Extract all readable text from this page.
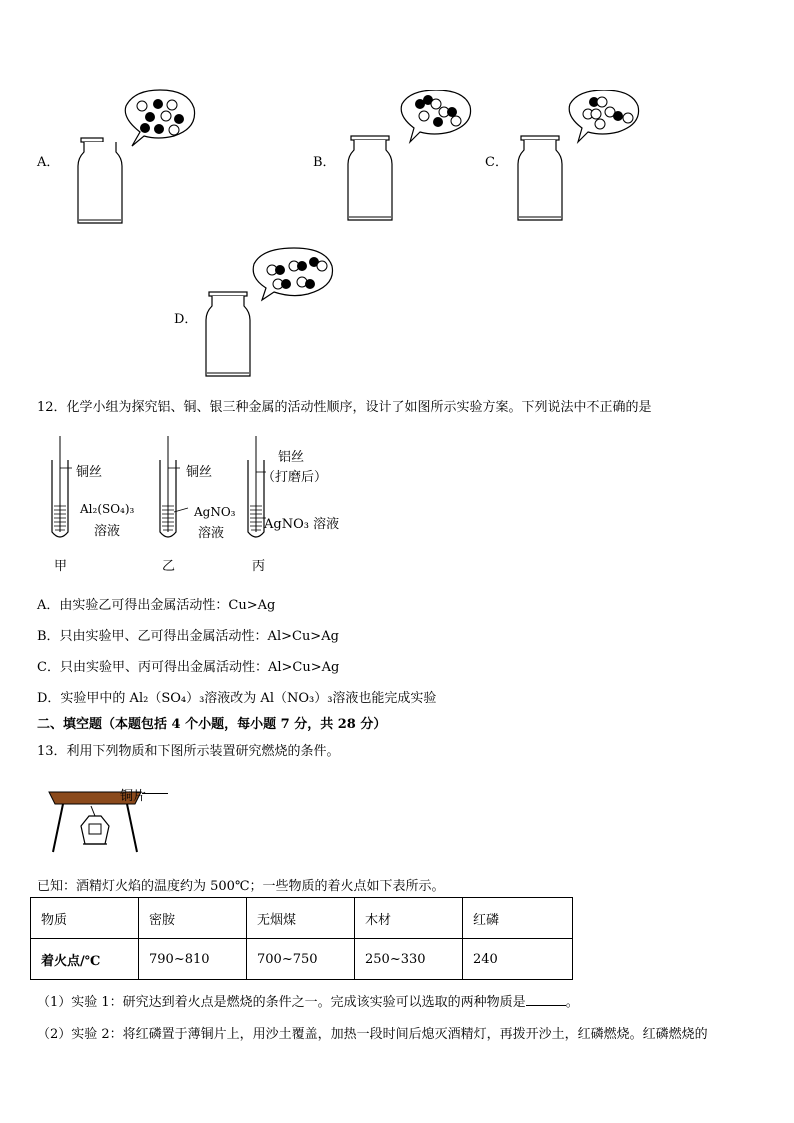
A．	B．	C．
D．
12．化学小组为探究铝、铜、银三种金属的活动性顺序，设计了如图所示实验方案。下列说法中不正确的是
铜丝
Al₂(SO₄)₃
溶液
甲
铜丝
AgNO₃
溶液
乙
铝丝
（打磨后）
AgNO₃ 溶液
丙
A．由实验乙可得出金属活动性：Cu>Ag
B．只由实验甲、乙可得出金属活动性：Al>Cu>Ag
C．只由实验甲、丙可得出金属活动性：Al>Cu>Ag
D．实验甲中的 Al₂（SO₄）₃溶液改为 Al（NO₃）₃溶液也能完成实验
二、填空题（本题包括 4 个小题，每小题 7 分，共 28 分）
13．利用下列物质和下图所示装置研究燃烧的条件。
铜片
已知：酒精灯火焰的温度约为 500℃；一些物质的着火点如下表所示。
物质	密胺	无烟煤	木材	红磷
着火点/℃	790~810	700~750	250~330	240
（1）实验 1：研究达到着火点是燃烧的条件之一。完成该实验可以选取的两种物质是	。
（2）实验 2：将红磷置于薄铜片上，用沙土覆盖，加热一段时间后熄灭酒精灯，再拨开沙土，红磷燃烧。红磷燃烧的
